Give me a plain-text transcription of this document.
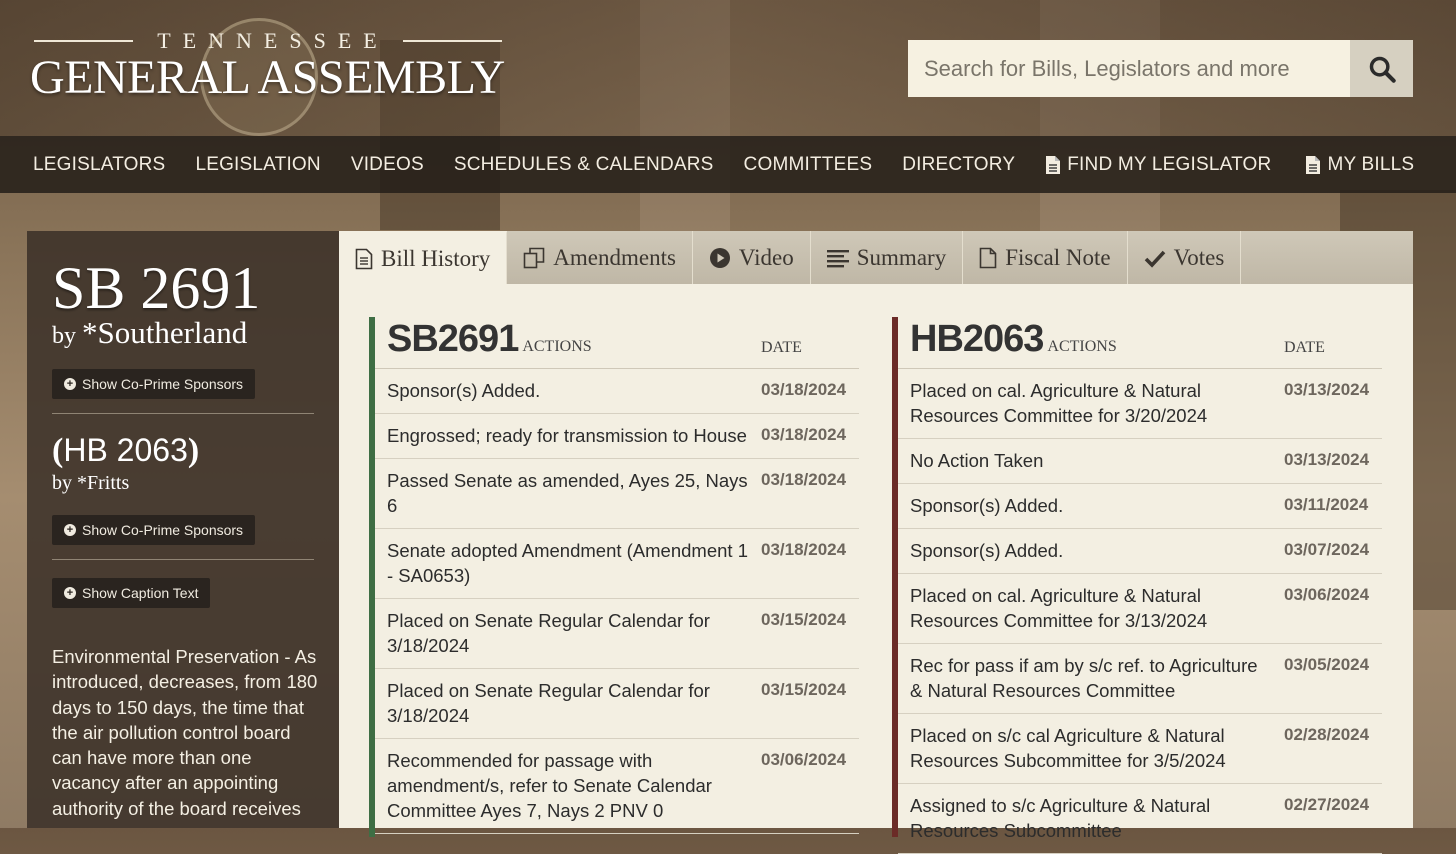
TENNESSEE
GENERAL ASSEMBLY
Search for Bills, Legislators and more
LEGISLATORS	LEGISLATION	VIDEOS	SCHEDULES & CALENDARS	COMMITTEES	DIRECTORY	FIND MY LEGISLATOR	MY BILLS
SB 2691
by *Southerland
+ Show Co-Prime Sponsors
(HB 2063)
by *Fritts
+ Show Co-Prime Sponsors
+ Show Caption Text
Environmental Preservation - As introduced, decreases, from 180 days to 150 days, the time that the air pollution control board can have more than one vacancy after an appointing authority of the board receives
Bill History	Amendments	Video	Summary	Fiscal Note	Votes
SB2691 ACTIONS	DATE
Sponsor(s) Added.	03/18/2024
Engrossed; ready for transmission to House 03/18/2024
Passed Senate as amended, Ayes 25, Nays 6
03/18/2024
Senate adopted Amendment (Amendment 1 - SA0653)
03/18/2024
Placed on Senate Regular Calendar for 3/18/2024
03/15/2024
Placed on Senate Regular Calendar for 3/18/2024
03/15/2024
Recommended for passage with amendment/s, refer to Senate Calendar Committee Ayes 7, Nays 2 PNV 0
03/06/2024
HB2063 ACTIONS	DATE
Placed on cal. Agriculture & Natural Resources Committee for 3/20/2024
03/13/2024
No Action Taken	03/13/2024
Sponsor(s) Added.	03/11/2024
Sponsor(s) Added.	03/07/2024
Placed on cal. Agriculture & Natural Resources Committee for 3/13/2024
03/06/2024
Rec for pass if am by s/c ref. to Agriculture & Natural Resources Committee
03/05/2024
Placed on s/c cal Agriculture & Natural Resources Subcommittee for 3/5/2024
02/28/2024
Assigned to s/c Agriculture & Natural Resources Subcommittee
02/27/2024
